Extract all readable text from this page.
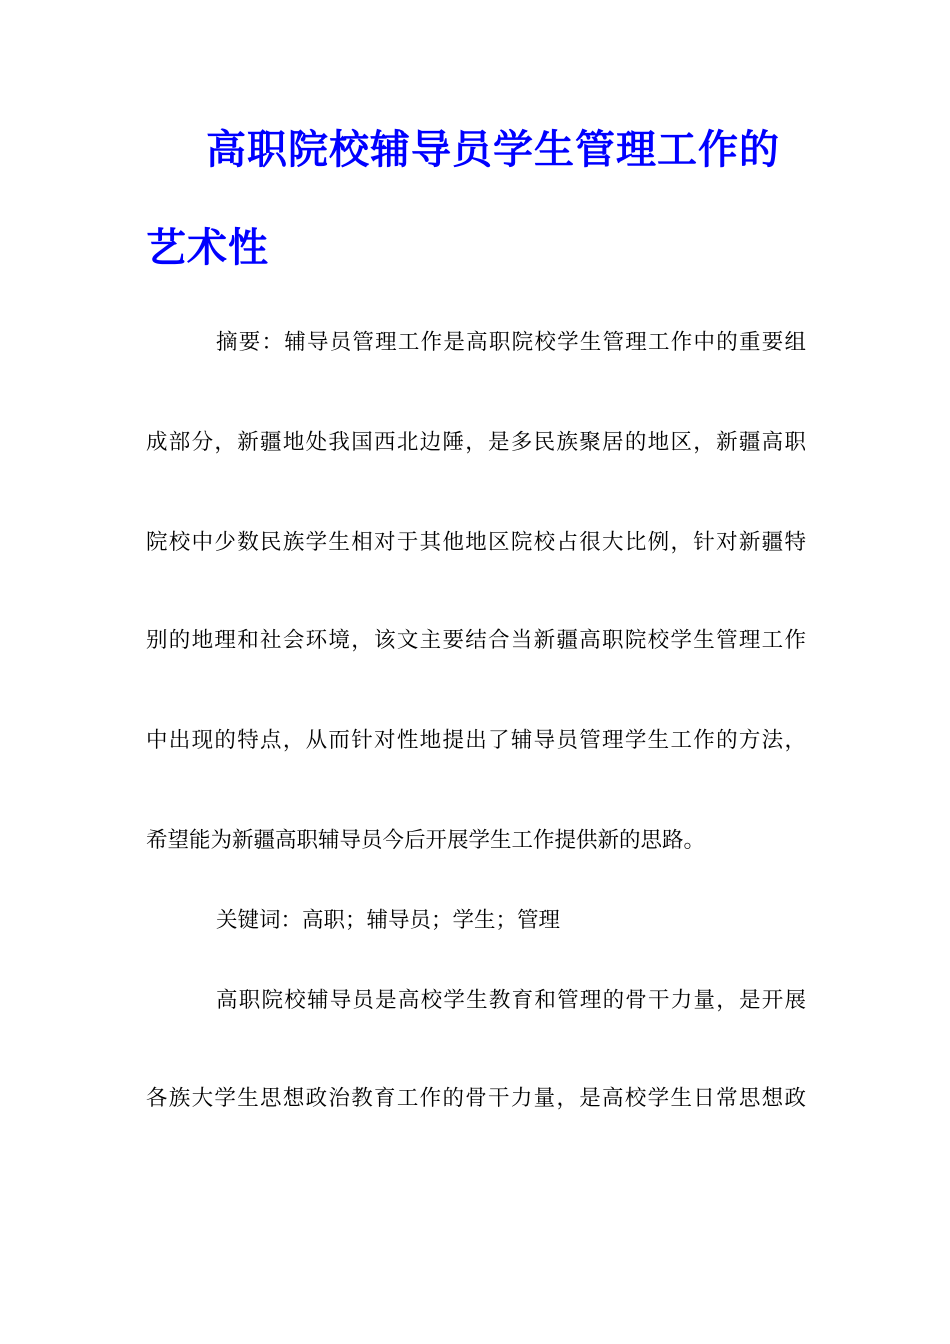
高职院校辅导员学生管理工作的
艺术性
摘要：辅导员管理工作是高职院校学生管理工作中的重要组
成部分，新疆地处我国西北边陲，是多民族聚居的地区，新疆高职
院校中少数民族学生相对于其他地区院校占很大比例，针对新疆特
别的地理和社会环境，该文主要结合当新疆高职院校学生管理工作
中出现的特点，从而针对性地提出了辅导员管理学生工作的方法，
希望能为新疆高职辅导员今后开展学生工作提供新的思路。
关键词：高职；辅导员；学生；管理
高职院校辅导员是高校学生教育和管理的骨干力量，是开展
各族大学生思想政治教育工作的骨干力量，是高校学生日常思想政
